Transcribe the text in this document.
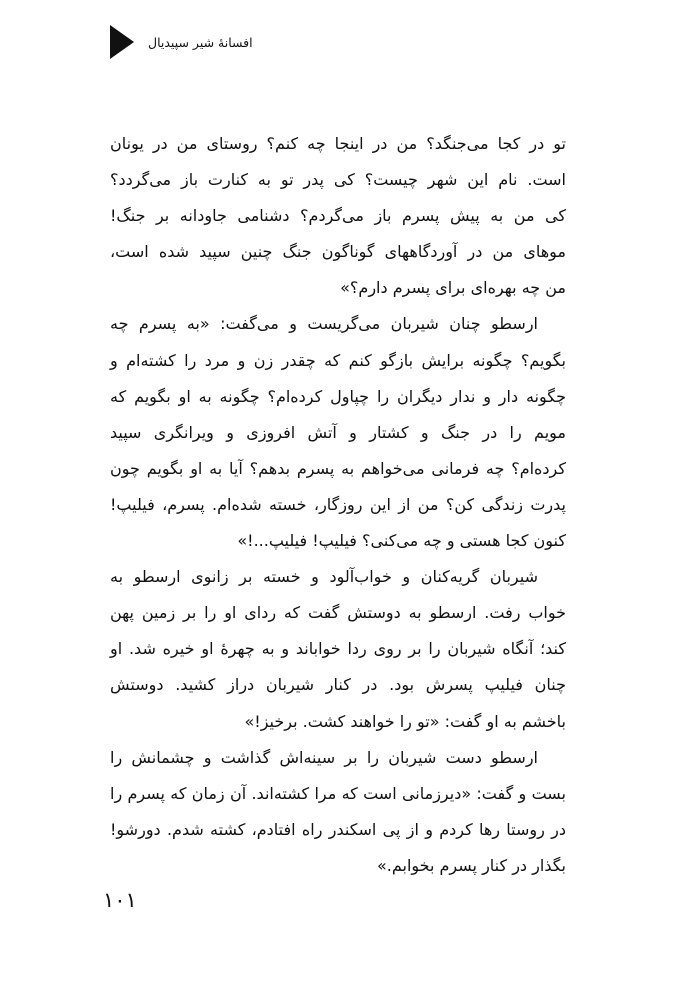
افسانهٔ شیر سپیدیال
تو در کجا می‌جنگد؟ من در اینجا چه کنم؟ روستای من در یونان
است. نام این شهر چیست؟ کی پدر تو به کنارت باز می‌گردد؟
کی من به پیش پسرم باز می‌گردم؟ دشنامی جاودانه بر جنگ!
موهای من در آوردگاههای گوناگون جنگ چنین سپید شده است،
من چه بهره‌ای برای پسرم دارم؟»
ارسطو چنان شیربان می‌گریست و می‌گفت: «به پسرم چه
بگویم؟ چگونه برایش بازگو کنم که چقدر زن و مرد را کشته‌ام و
چگونه دار و ندار دیگران را چپاول کرده‌ام؟ چگونه به او بگویم که
مویم را در جنگ و کشتار و آتش افروزی و ویرانگری سپید
کرده‌ام؟ چه فرمانی می‌خواهم به پسرم بدهم؟ آیا به او بگویم چون
پدرت زندگی کن؟ من از این روزگار، خسته شده‌ام. پسرم، فیلیپ!
کنون کجا هستی و چه می‌کنی؟ فیلیپ! فیلیپ...!»
شیربان گریه‌کنان و خواب‌آلود و خسته بر زانوی ارسطو به
خواب رفت. ارسطو به دوستش گفت که ردای او را بر زمین پهن
کند؛ آنگاه شیربان را بر روی ردا خواباند و به چهرهٔ او خیره شد. او
چنان فیلیپ پسرش بود. در کنار شیربان دراز کشید. دوستش
باخشم به او گفت: «تو را خواهند کشت. برخیز!»
ارسطو دست شیربان را بر سینه‌اش گذاشت و چشمانش را
بست و گفت: «دیرزمانی است که مرا کشته‌اند. آن زمان که پسرم را
در روستا رها کردم و از پی اسکندر راه افتادم، کشته شدم. دورشو!
بگذار در کنار پسرم بخوابم.»
۱۰۱
